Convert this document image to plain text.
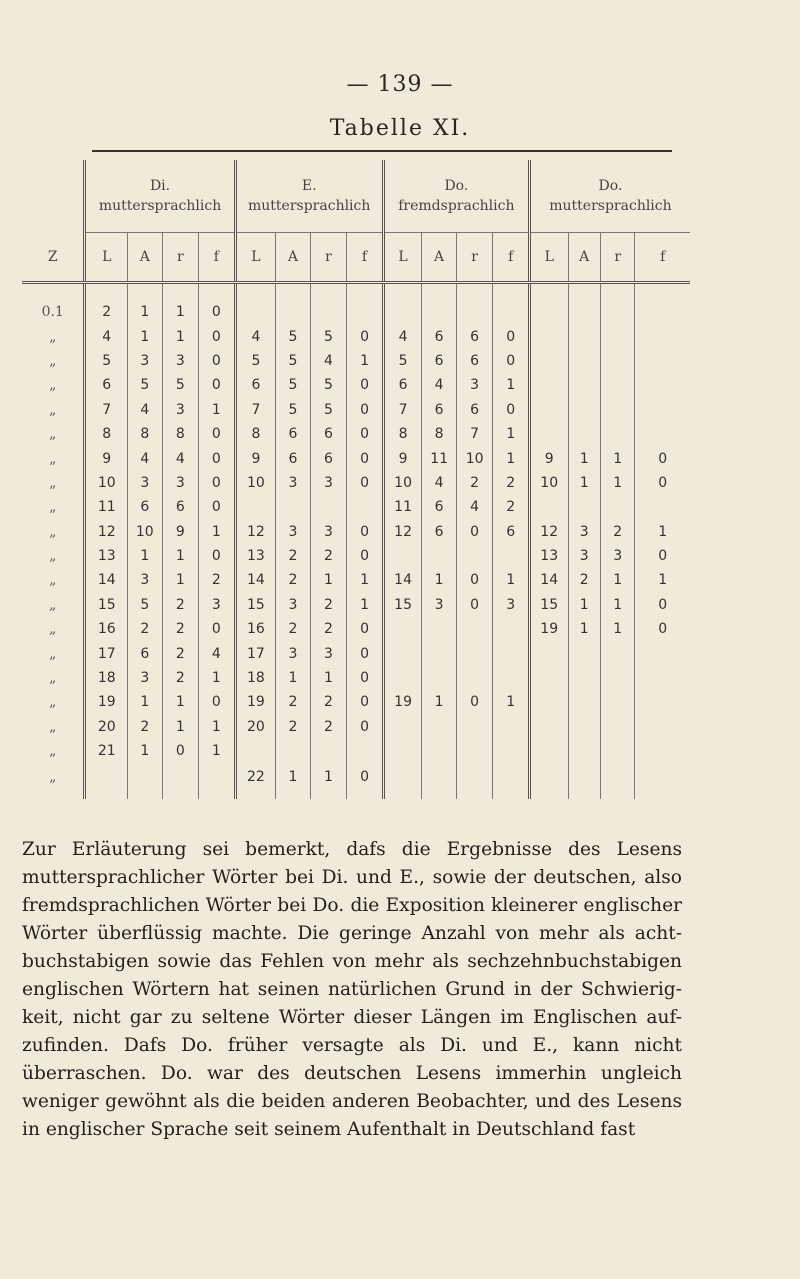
— 139 —
Tabelle XI.
	Di.
muttersprachlich				E.
muttersprachlich				Do.
fremdsprachlich				Do.
muttersprachlich			
Z	L	A	r	f	L	A	r	f	L	A	r	f	L	A	r	f
0.1	2	1	1	0												
„	4	1	1	0	4	5	5	0	4	6	6	0				
„	5	3	3	0	5	5	4	1	5	6	6	0				
„	6	5	5	0	6	5	5	0	6	4	3	1				
„	7	4	3	1	7	5	5	0	7	6	6	0				
„	8	8	8	0	8	6	6	0	8	8	7	1				
„	9	4	4	0	9	6	6	0	9	11	10	1	9	1	1	0
„	10	3	3	0	10	3	3	0	10	4	2	2	10	1	1	0
„	11	6	6	0					11	6	4	2				
„	12	10	9	1	12	3	3	0	12	6	0	6	12	3	2	1
„	13	1	1	0	13	2	2	0					13	3	3	0
„	14	3	1	2	14	2	1	1	14	1	0	1	14	2	1	1
„	15	5	2	3	15	3	2	1	15	3	0	3	15	1	1	0
„	16	2	2	0	16	2	2	0					19	1	1	0
„	17	6	2	4	17	3	3	0								
„	18	3	2	1	18	1	1	0								
„	19	1	1	0	19	2	2	0	19	1	0	1				
„	20	2	1	1	20	2	2	0								
„	21	1	0	1												
„					22	1	1	0								

Zur Erläuterung sei bemerkt, dafs die Ergebnisse des Lesens muttersprachlicher Wörter bei Di. und E., sowie der deutschen, also fremdsprachlichen Wörter bei Do. die Exposition kleinerer englischer Wörter überflüssig machte. Die geringe Anzahl von mehr als acht-buchstabigen sowie das Fehlen von mehr als sechzehnbuchstabigen englischen Wörtern hat seinen natürlichen Grund in der Schwierig-keit, nicht gar zu seltene Wörter dieser Längen im Englischen auf-zufinden. Dafs Do. früher versagte als Di. und E., kann nicht überraschen. Do. war des deutschen Lesens immerhin ungleich weniger gewöhnt als die beiden anderen Beobachter, und des Lesens in englischer Sprache seit seinem Aufenthalt in Deutschland fast
